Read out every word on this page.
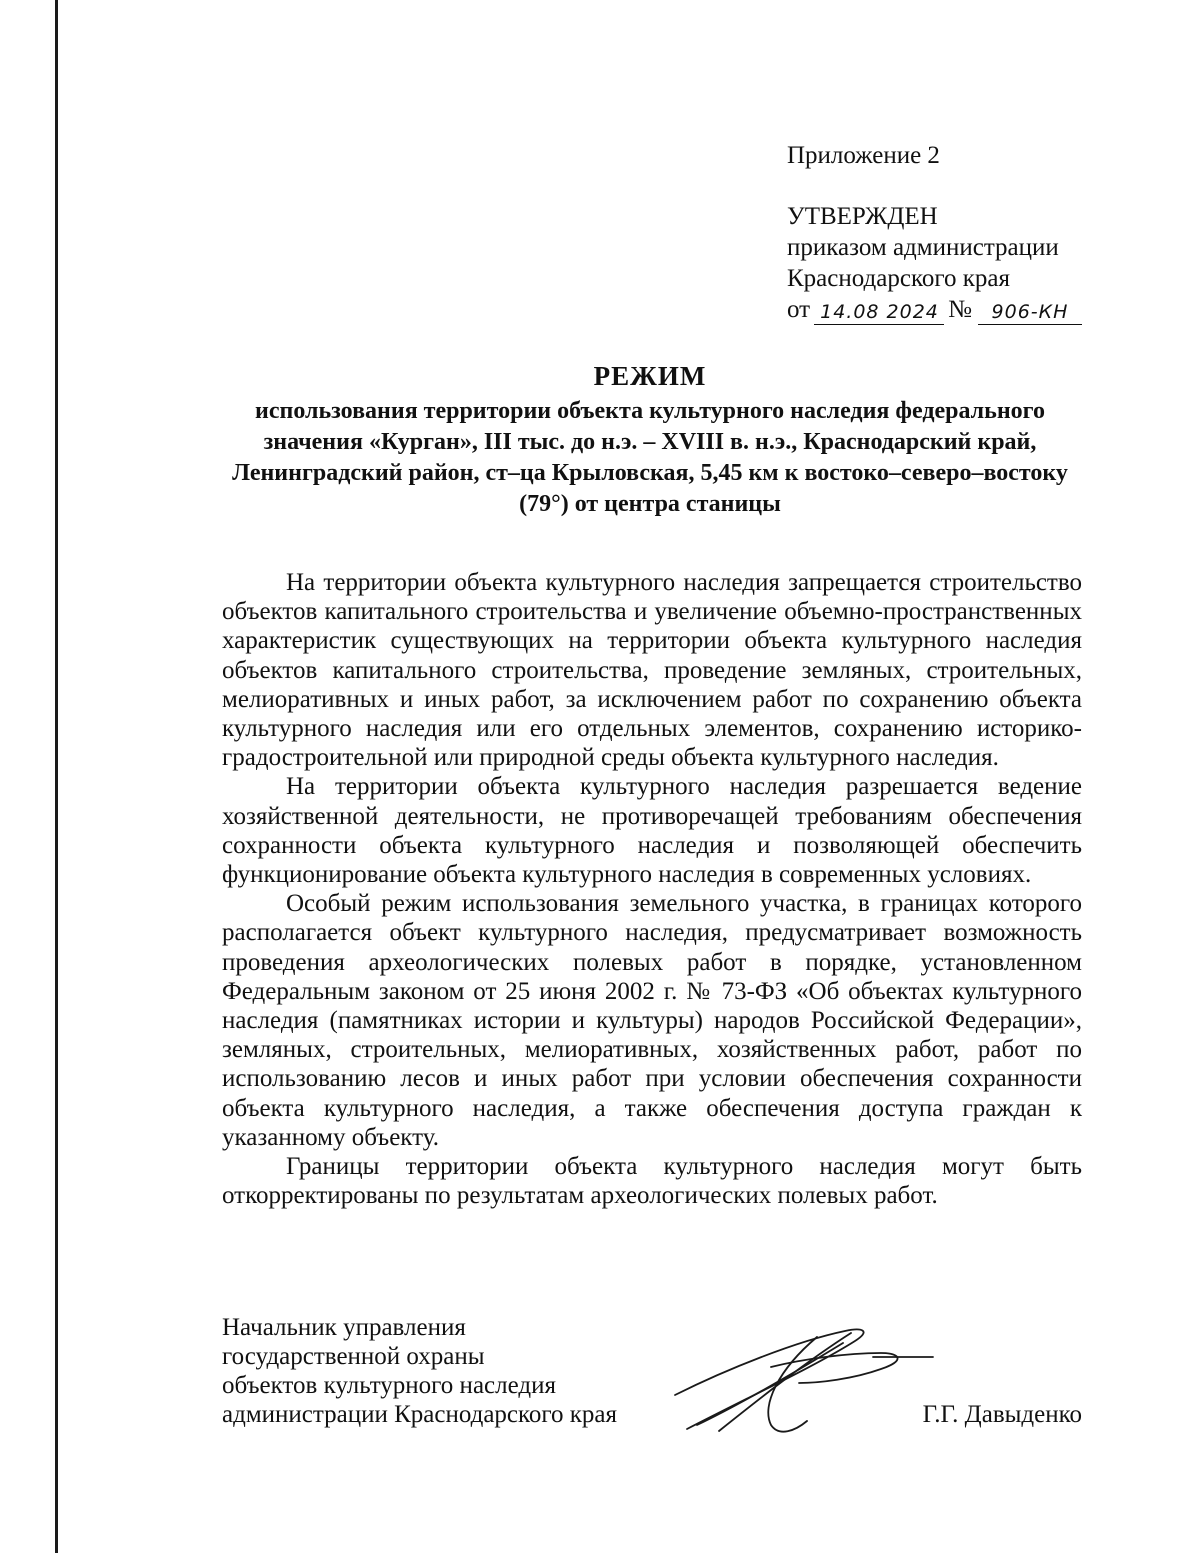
Приложение 2
УТВЕРЖДЕН
приказом администрации
Краснодарского края
от 14.08 2024 №	906-КН
РЕЖИМ
использования территории объекта культурного наследия федерального значения «Курган», III тыс. до н.э. – XVIII в. н.э., Краснодарский край, Ленинградский район, ст–ца Крыловская, 5,45 км к востоко–северо–востоку (79°) от центра станицы

На территории объекта культурного наследия запрещается строительство объектов капитального строительства и увеличение объемно-пространственных характеристик существующих на территории объекта культурного наследия объектов капитального строительства, проведение земляных, строительных, мелиоративных и иных работ, за исключением работ по сохранению объекта культурного наследия или его отдельных элементов, сохранению историко-градостроительной или природной среды объекта культурного наследия.

На территории объекта культурного наследия разрешается ведение хозяйственной деятельности, не противоречащей требованиям обеспечения сохранности объекта культурного наследия и позволяющей обеспечить функционирование объекта культурного наследия в современных условиях.

Особый режим использования земельного участка, в границах которого располагается объект культурного наследия, предусматривает возможность проведения археологических полевых работ в порядке, установленном Федеральным законом от 25 июня 2002 г. № 73-ФЗ «Об объектах культурного наследия (памятниках истории и культуры) народов Российской Федерации», земляных, строительных, мелиоративных, хозяйственных работ, работ по использованию лесов и иных работ при условии обеспечения сохранности объекта культурного наследия, а также обеспечения доступа граждан к указанному объекту.

Границы территории объекта культурного наследия могут быть откорректированы по результатам археологических полевых работ.

Начальник управления
государственной охраны
объектов культурного наследия
администрации Краснодарского края	Г.Г. Давыденко
